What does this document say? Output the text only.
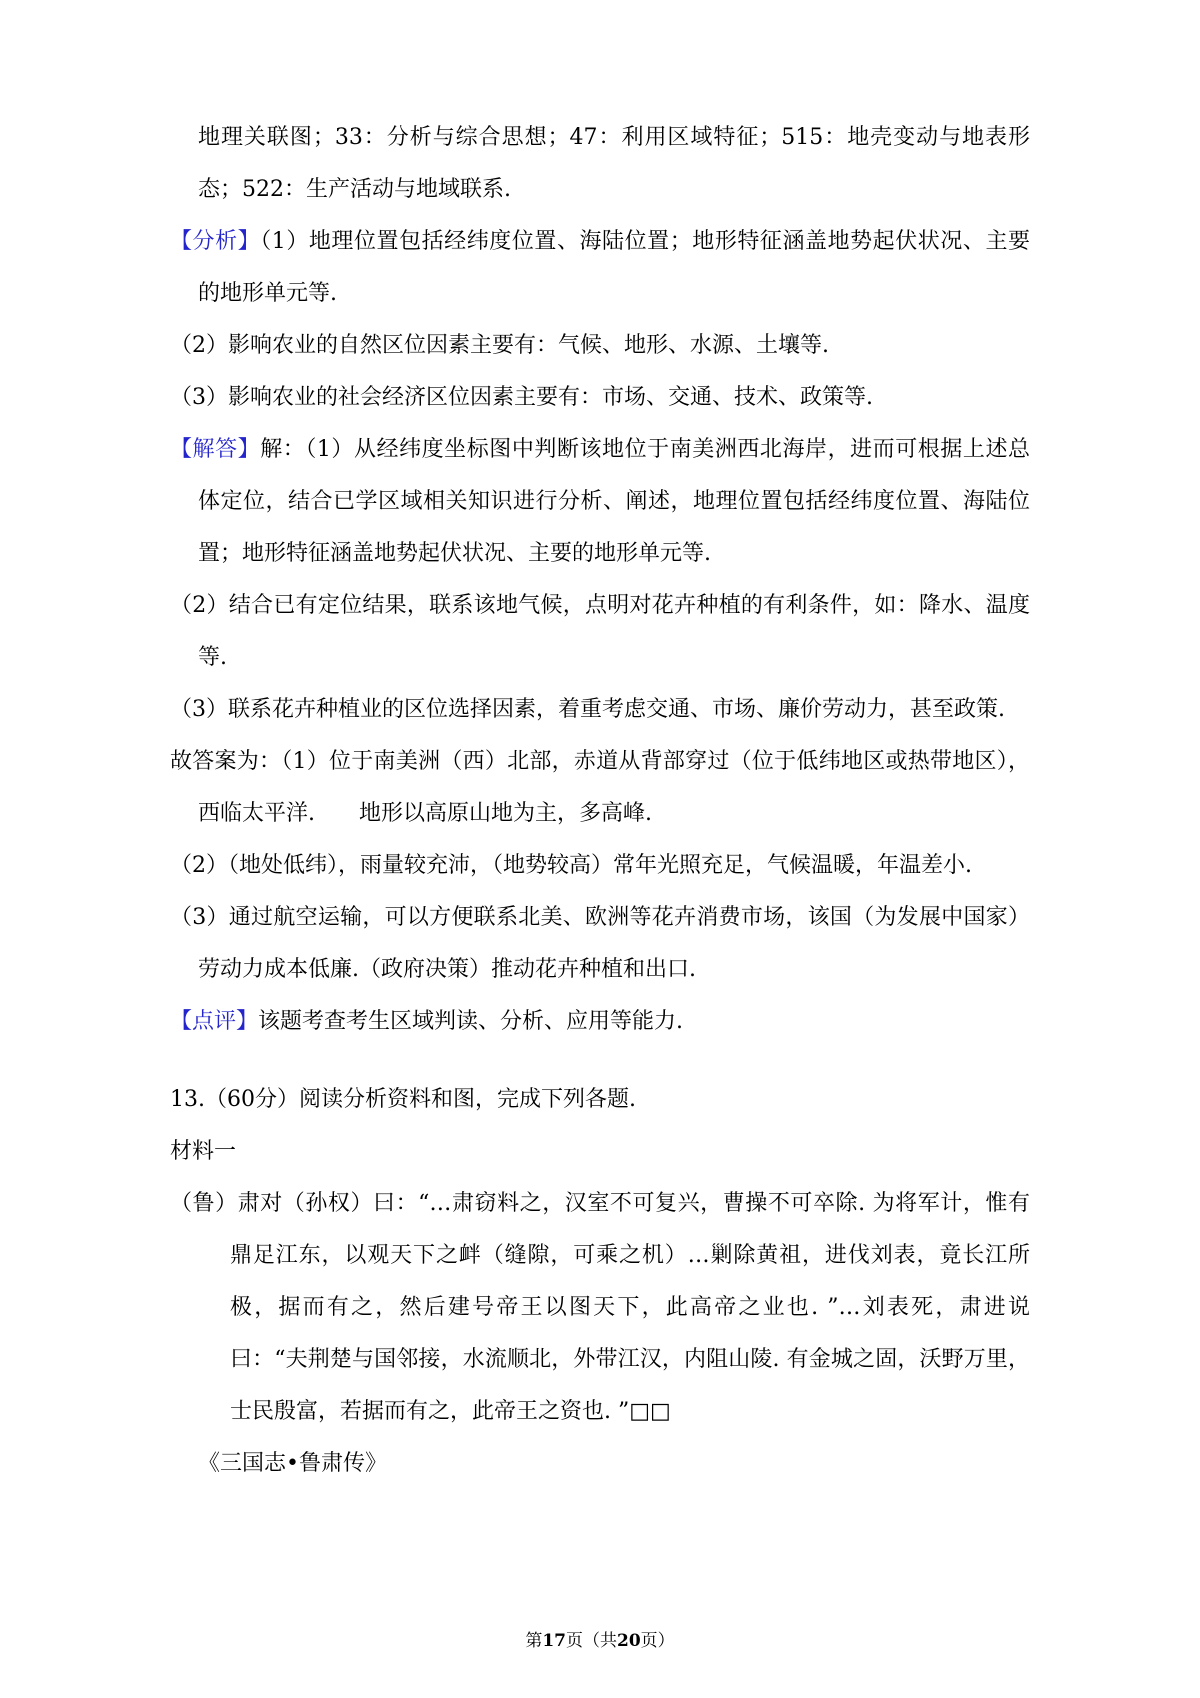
地理关联图；33：分析与综合思想；47：利用区域特征；515：地壳变动与地表形态；522：生产活动与地域联系.

【分析】（1）地理位置包括经纬度位置、海陆位置；地形特征涵盖地势起伏状况、主要的地形单元等.

（2）影响农业的自然区位因素主要有：气候、地形、水源、土壤等.

（3）影响农业的社会经济区位因素主要有：市场、交通、技术、政策等.

【解答】解：（1）从经纬度坐标图中判断该地位于南美洲西北海岸，进而可根据上述总体定位，结合已学区域相关知识进行分析、阐述，地理位置包括经纬度位置、海陆位置；地形特征涵盖地势起伏状况、主要的地形单元等.

（2）结合已有定位结果，联系该地气候，点明对花卉种植的有利条件，如：降水、温度等.

（3）联系花卉种植业的区位选择因素，着重考虑交通、市场、廉价劳动力，甚至政策.

故答案为：（1）位于南美洲（西）北部，赤道从背部穿过（位于低纬地区或热带地区），西临太平洋.　　地形以高原山地为主，多高峰.

（2）（地处低纬），雨量较充沛，（地势较高）常年光照充足，气候温暖，年温差小.

（3）通过航空运输，可以方便联系北美、欧洲等花卉消费市场，该国（为发展中国家）劳动力成本低廉.（政府决策）推动花卉种植和出口.

【点评】该题考查考生区域判读、分析、应用等能力.

13.（60分）阅读分析资料和图，完成下列各题.

材料一

（鲁）肃对（孙权）曰：“…肃窃料之，汉室不可复兴，曹操不可卒除. 为将军计，惟有鼎足江东，以观天下之衅（缝隙，可乘之机）…剿除黄祖，进伐刘表，竟长江所极，据而有之，然后建号帝王以图天下，此高帝之业也. ”…刘表死，肃进说曰：“夫荆楚与国邻接，水流顺北，外带江汉，内阻山陵. 有金城之固，沃野万里，士民殷富，若据而有之，此帝王之资也. ”□□

《三国志•鲁肃传》

第17页（共20页）
